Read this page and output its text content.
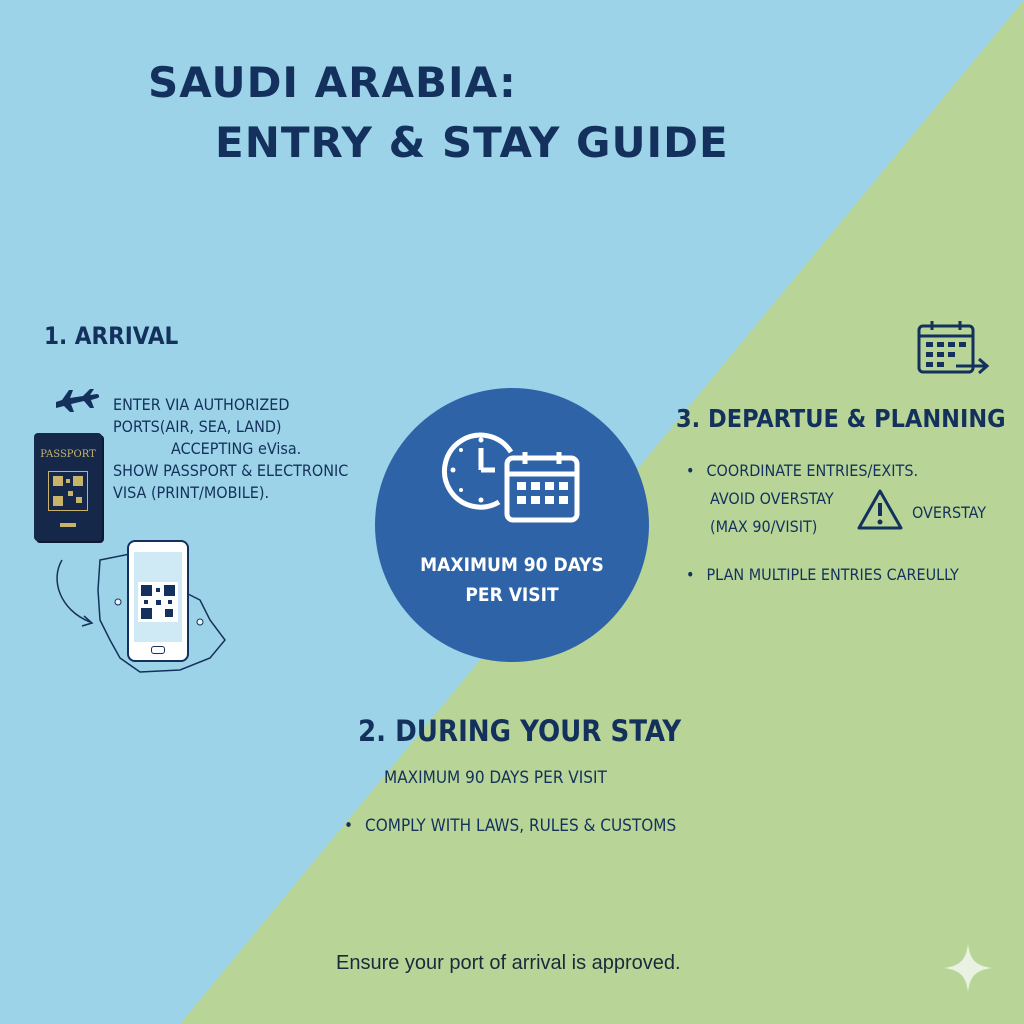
SAUDI ARABIA:
ENTRY & STAY GUIDE
1. ARRIVAL
ENTER VIA AUTHORIZED
PORTS(AIR, SEA, LAND)
ACCEPTING eVisa.
SHOW PASSPORT & ELECTRONIC
VISA (PRINT/MOBILE).
PASSPORT
MAXIMUM 90 DAYS
PER VISIT
3. DEPARTUE & PLANNING
• COORDINATE ENTRIES/EXITS.
AVOID OVERSTAY
(MAX 90/VISIT)
OVERSTAY
• PLAN MULTIPLE ENTRIES CAREULLY
2. DURING YOUR STAY
MAXIMUM 90 DAYS PER VISIT
• COMPLY WITH LAWS, RULES & CUSTOMS
Ensure your port of arrival is approved.
